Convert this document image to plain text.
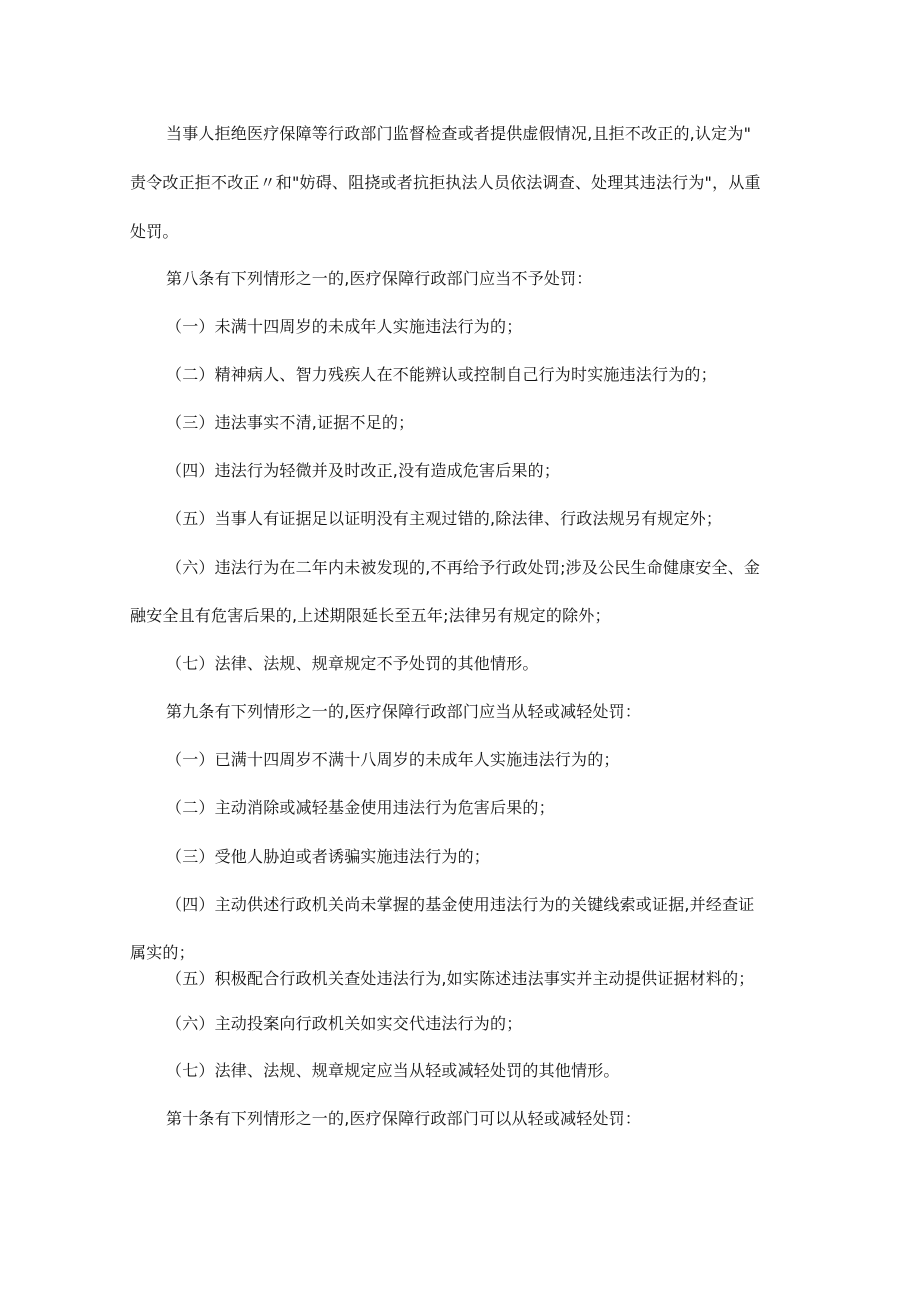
当事人拒绝医疗保障等行政部门监督检查或者提供虚假情况,且拒不改正的,认定为"
责令改正拒不改正〃和"妨碍、阻挠或者抗拒执法人员依法调查、处理其违法行为"，从重
处罚。
第八条有下列情形之一的,医疗保障行政部门应当不予处罚：
（一）未满十四周岁的未成年人实施违法行为的；
（二）精神病人、智力残疾人在不能辨认或控制自己行为时实施违法行为的；
（三）违法事实不清,证据不足的；
（四）违法行为轻微并及时改正,没有造成危害后果的；
（五）当事人有证据足以证明没有主观过错的,除法律、行政法规另有规定外；
（六）违法行为在二年内未被发现的,不再给予行政处罚;涉及公民生命健康安全、金
融安全且有危害后果的,上述期限延长至五年;法律另有规定的除外；
（七）法律、法规、规章规定不予处罚的其他情形。
第九条有下列情形之一的,医疗保障行政部门应当从轻或减轻处罚：
（一）已满十四周岁不满十八周岁的未成年人实施违法行为的；
（二）主动消除或减轻基金使用违法行为危害后果的；
（三）受他人胁迫或者诱骗实施违法行为的；
（四）主动供述行政机关尚未掌握的基金使用违法行为的关键线索或证据,并经查证
属实的；
（五）积极配合行政机关查处违法行为,如实陈述违法事实并主动提供证据材料的；
（六）主动投案向行政机关如实交代违法行为的；
（七）法律、法规、规章规定应当从轻或减轻处罚的其他情形。
第十条有下列情形之一的,医疗保障行政部门可以从轻或减轻处罚：
